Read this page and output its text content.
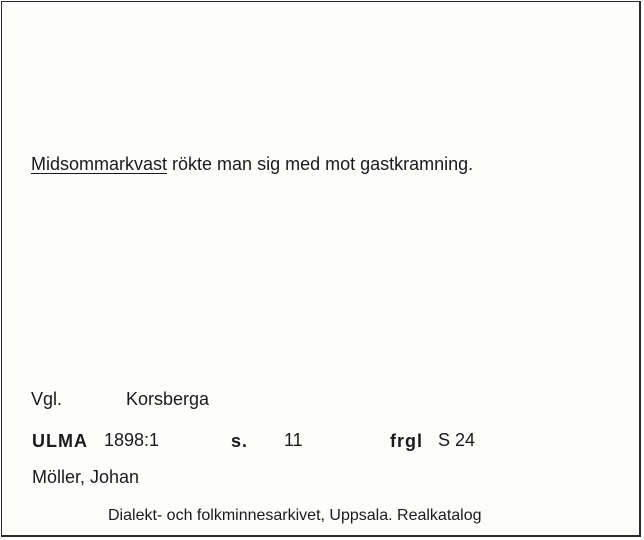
Midsommarkvast rökte man sig med mot gastkramning.
Vgl.	Korsberga
ULMA 1898:1	s. 11	frgl S 24
Möller, Johan
Dialekt- och folkminnesarkivet, Uppsala. Realkatalog
